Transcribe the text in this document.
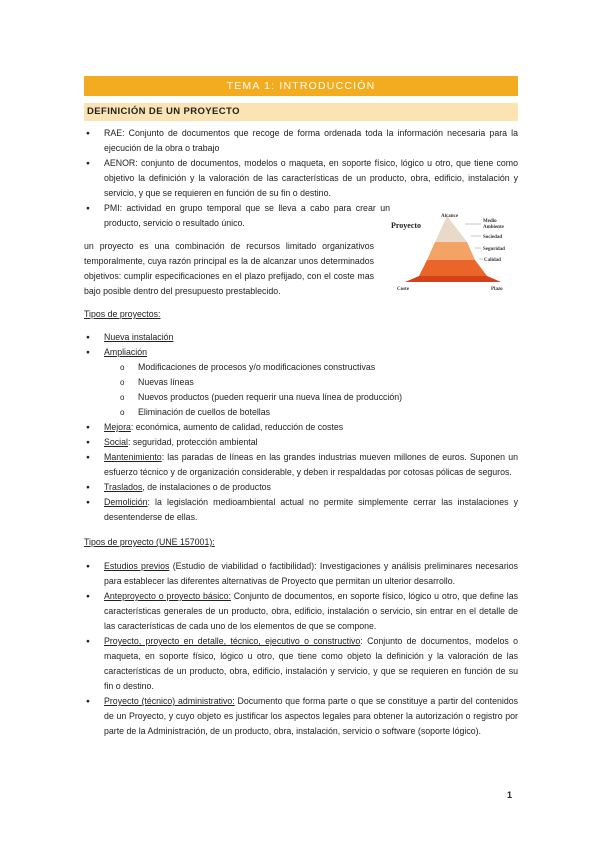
TEMA 1: INTRODUCCIÓN
DEFINICIÓN DE UN PROYECTO
● RAE: Conjunto de documentos que recoge de forma ordenada toda la información necesaria para la ejecución de la obra o trabajo
● AENOR: conjunto de documentos, modelos o maqueta, en soporte físico, lógico u otro, que tiene como objetivo la definición y la valoración de las características de un producto, obra, edificio, instalación y servicio, y que se requieren en función de su fin o destino.
● PMI: actividad en grupo temporal que se lleva a cabo para crear un producto, servicio o resultado único.
un proyecto es una combinación de recursos limitado organizativos temporalmente, cuya razón principal es la de alcanzar unos determinados objetivos: cumplir especificaciones en el plazo prefijado, con el coste mas bajo posible dentro del presupuesto prestablecido.
Tipos de proyectos:
● Nueva instalación
● Ampliación
o Modificaciones de procesos y/o modificaciones constructivas
o Nuevas líneas
o Nuevos productos (pueden requerir una nueva línea de producción)
o Eliminación de cuellos de botellas
● Mejora: económica, aumento de calidad, reducción de costes
● Social: seguridad, protección ambiental
● Mantenimiento: las paradas de líneas en las grandes industrias mueven millones de euros. Suponen un esfuerzo técnico y de organización considerable, y deben ir respaldadas por cotosas pólicas de seguros.
● Traslados, de instalaciones o de productos
● Demolición: la legislación medioambiental actual no permite simplemente cerrar las instalaciones y desentenderse de ellas.
Tipos de proyecto (UNE 157001):
● Estudios previos (Estudio de viabilidad o factibilidad): Investigaciones y análisis preliminares necesarios para establecer las diferentes alternativas de Proyecto que permitan un ulterior desarrollo.
● Anteproyecto o proyecto básico: Conjunto de documentos, en soporte físico, lógico u otro, que define las características generales de un producto, obra, edificio, instalación o servicio, sin entrar en el detalle de las características de cada uno de los elementos de que se compone.
● Proyecto, proyecto en detalle, técnico, ejecutivo o constructivo: Conjunto de documentos, modelos o maqueta, en soporte físico, lógico u otro, que tiene como objeto la definición y la valoración de las características de un producto, obra, edificio, instalación y servicio, y que se requieren en función de su fin o destino.
● Proyecto (técnico) administrativo: Documento que forma parte o que se constituye a partir del contenidos de un Proyecto, y cuyo objeto es justificar los aspectos legales para obtener la autorización o registro por parte de la Administración, de un producto, obra, instalación, servicio o software (soporte lógico).
Proyecto
Alcance
Medio
Ambiente
Sociedad
Seguridad
Calidad
Coste	Plazo
1
